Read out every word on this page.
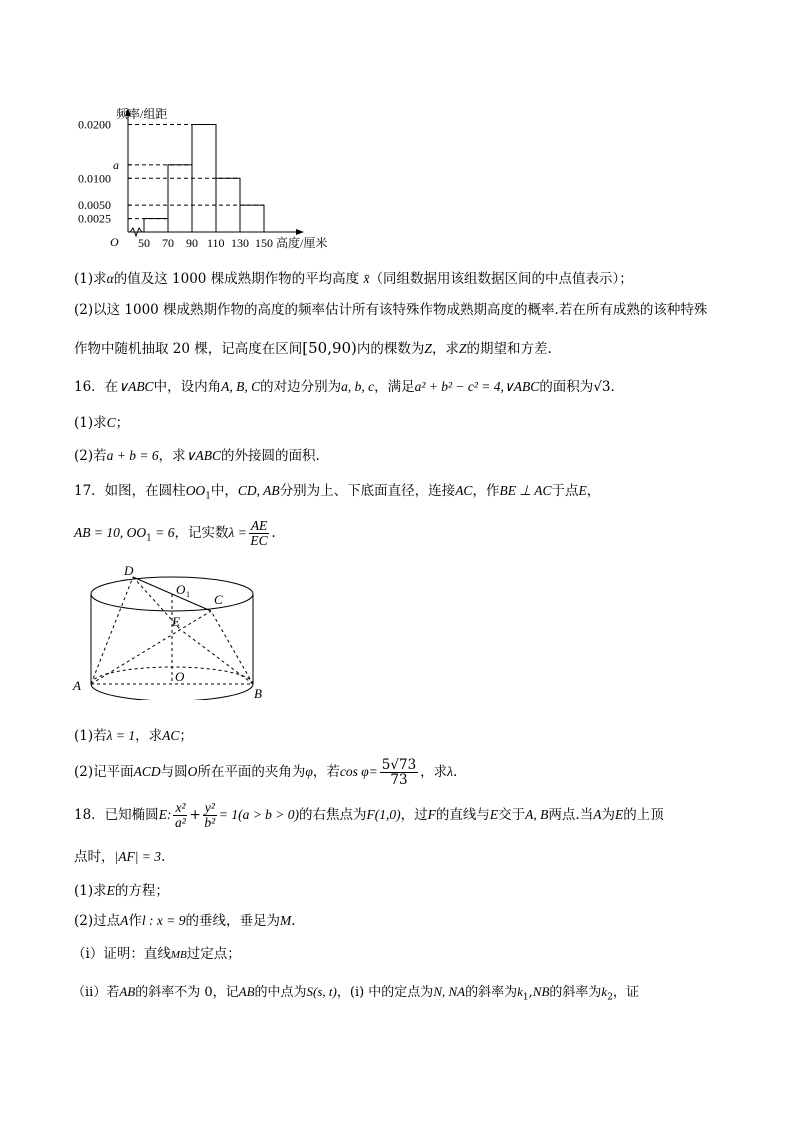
频率/组距
高度/厘米
O
0.0200
a
0.0100
0.0050
0.0025
50 70 90 110 130 150
(1)求α的值及这 1000 棵成熟期作物的平均高度 x̄（同组数据用该组数据区间的中点值表示）；
(2)以这 1000 棵成熟期作物的高度的频率估计所有该特殊作物成熟期高度的概率.若在所有成熟的该种特殊
作物中随机抽取 20 棵，记高度在区间[50,90)内的棵数为Z，求Z的期望和方差.
16．在∨ABC中，设内角A, B, C的对边分别为a, b, c，满足a² + b² − c² = 4,∨ABC的面积为√3.
(1)求C；
(2)若a + b = 6，求∨ABC的外接圆的面积.
17．如图，在圆柱$OO_1$中，CD, AB分别为上、下底面直径，连接AC，作BE ⊥ AC于点E，
AB = 10, $OO_1 = 6$，记实数$\lambda = \frac{AE}{EC}$ .
D
O 1 C
E
A
O
B
(1)若λ = 1，求AC；
(2)记平面ACD与圆O所在平面的夹角为φ，若$\cos \varphi= \frac{5√73}{73}$ ，求λ.
18．已知椭圆E: $\frac{\text{x²}}{\text{a²}} + \frac{\text{y²}}{\text{b²}} = 1(a > b > 0)$的右焦点为F(1,0)，过F的直线与E交于A, B两点.当A为E的上顶
点时，|AF| = 3.
(1)求E的方程；
(2)过点A作l : x = 9的垂线，垂足为M.
（i）证明：直线MB过定点；
（ii）若AB的斜率不为 0，记AB的中点为S(s, t)，(i) 中的定点为N, NA的斜率为$k_1,NB$的斜率为$k_2$，证
